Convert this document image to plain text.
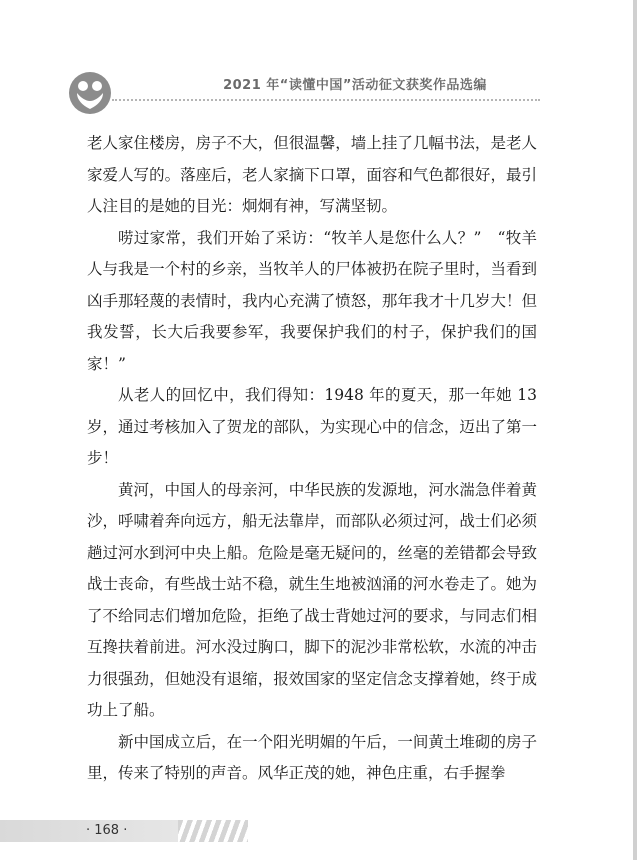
2021 年“读懂中国”活动征文获奖作品选编

老人家住楼房，房子不大，但很温馨，墙上挂了几幅书法，是老人家爱人写的。落座后，老人家摘下口罩，面容和气色都很好，最引人注目的是她的目光：炯炯有神，写满坚韧。

唠过家常，我们开始了采访：“牧羊人是您什么人？”　“牧羊人与我是一个村的乡亲，当牧羊人的尸体被扔在院子里时，当看到凶手那轻蔑的表情时，我内心充满了愤怒，那年我才十几岁大！但我发誓，长大后我要参军，我要保护我们的村子，保护我们的国家！”

从老人的回忆中，我们得知：1948 年的夏天，那一年她 13 岁，通过考核加入了贺龙的部队，为实现心中的信念，迈出了第一步！

黄河，中国人的母亲河，中华民族的发源地，河水湍急伴着黄沙，呼啸着奔向远方，船无法靠岸，而部队必须过河，战士们必须趟过河水到河中央上船。危险是毫无疑问的，丝毫的差错都会导致战士丧命，有些战士站不稳，就生生地被汹涌的河水卷走了。她为了不给同志们增加危险，拒绝了战士背她过河的要求，与同志们相互搀扶着前进。河水没过胸口，脚下的泥沙非常松软，水流的冲击力很强劲，但她没有退缩，报效国家的坚定信念支撑着她，终于成功上了船。

新中国成立后，在一个阳光明媚的午后，一间黄土堆砌的房子里，传来了特别的声音。风华正茂的她，神色庄重，右手握拳

· 168 ·
